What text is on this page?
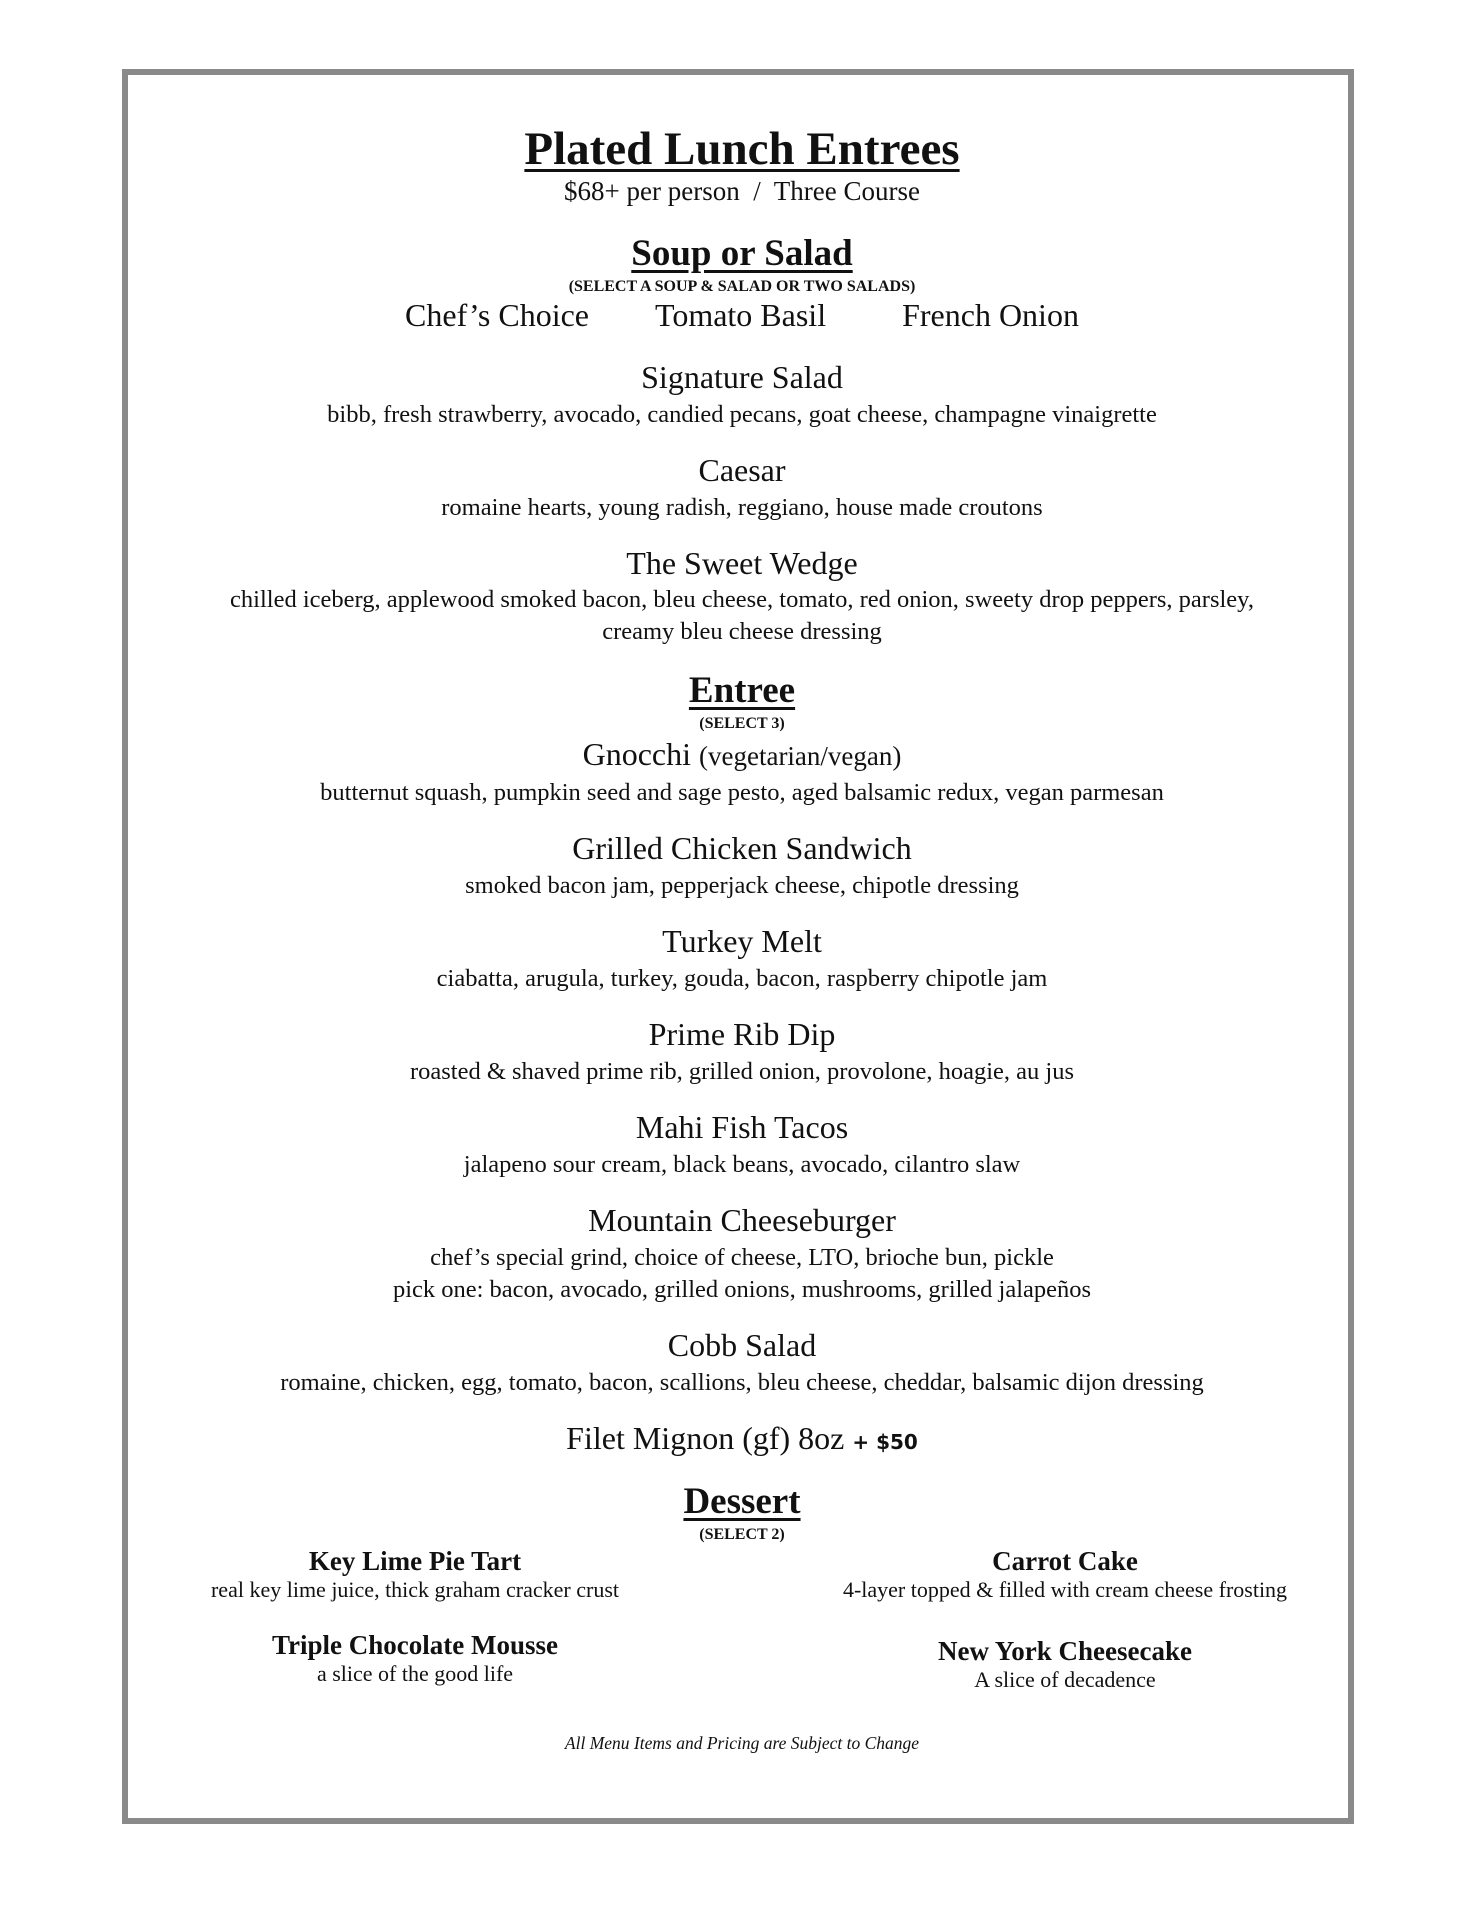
Plated Lunch Entrees
$68+ per person  /  Three Course
Soup or Salad
(SELECT A SOUP & SALAD OR TWO SALADS)
Chef’s Choice Tomato Basil French Onion
Signature Salad
bibb, fresh strawberry, avocado, candied pecans, goat cheese, champagne vinaigrette
Caesar
romaine hearts, young radish, reggiano, house made croutons
The Sweet Wedge
chilled iceberg, applewood smoked bacon, bleu cheese, tomato, red onion, sweety drop peppers, parsley,
creamy bleu cheese dressing
Entree
(SELECT 3)
Gnocchi (vegetarian/vegan)
butternut squash, pumpkin seed and sage pesto, aged balsamic redux, vegan parmesan
Grilled Chicken Sandwich
smoked bacon jam, pepperjack cheese, chipotle dressing
Turkey Melt
ciabatta, arugula, turkey, gouda, bacon, raspberry chipotle jam
Prime Rib Dip
roasted & shaved prime rib, grilled onion, provolone, hoagie, au jus
Mahi Fish Tacos
jalapeno sour cream, black beans, avocado, cilantro slaw
Mountain Cheeseburger
chef’s special grind, choice of cheese, LTO, brioche bun, pickle
pick one: bacon, avocado, grilled onions, mushrooms, grilled jalapeños
Cobb Salad
romaine, chicken, egg, tomato, bacon, scallions, bleu cheese, cheddar, balsamic dijon dressing
Filet Mignon (gf) 8oz + $50
Dessert
(SELECT 2)
Key Lime Pie Tart
real key lime juice, thick graham cracker crust
Carrot Cake
4-layer topped & filled with cream cheese frosting
Triple Chocolate Mousse
a slice of the good life
New York Cheesecake
A slice of decadence
All Menu Items and Pricing are Subject to Change
